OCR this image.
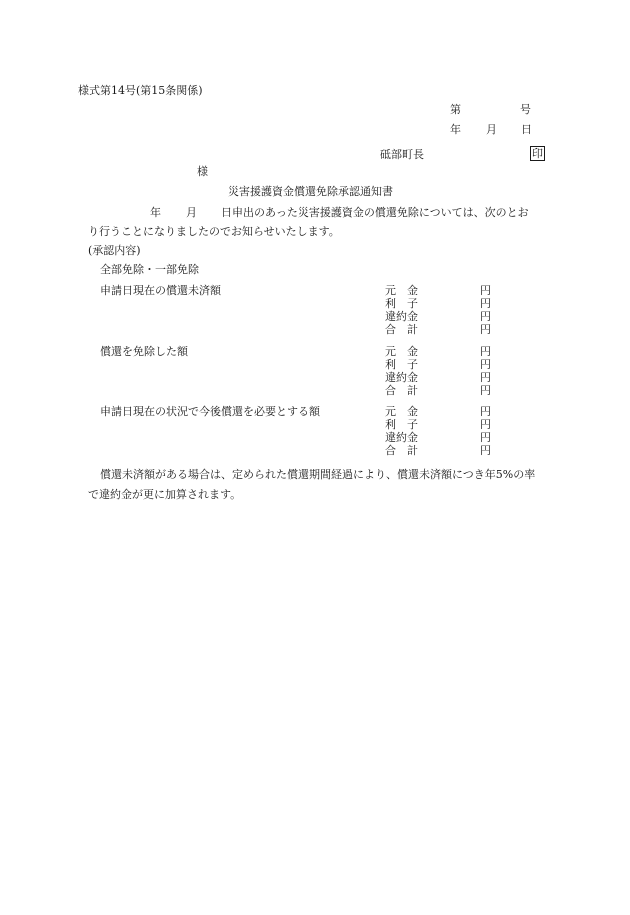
様式第14号(第15条関係)
第	号
年 月 日
砥部町長	印
様
災害援護資金償還免除承認通知書
年 月 日申出のあった災害援護資金の償還免除については、次のとお
り行うことになりましたのでお知らせいたします。
(承認内容)
全部免除・一部免除
申請日現在の償還未済額	元　金	円
利　子	円
違約金	円
合　計	円
償還を免除した額	元　金	円
利　子	円
違約金	円
合　計	円
申請日現在の状況で今後償還を必要とする額	元　金	円
利　子	円
違約金	円
合　計	円
償還未済額がある場合は、定められた償還期間経過により、償還未済額につき年5%の率
で違約金が更に加算されます。
